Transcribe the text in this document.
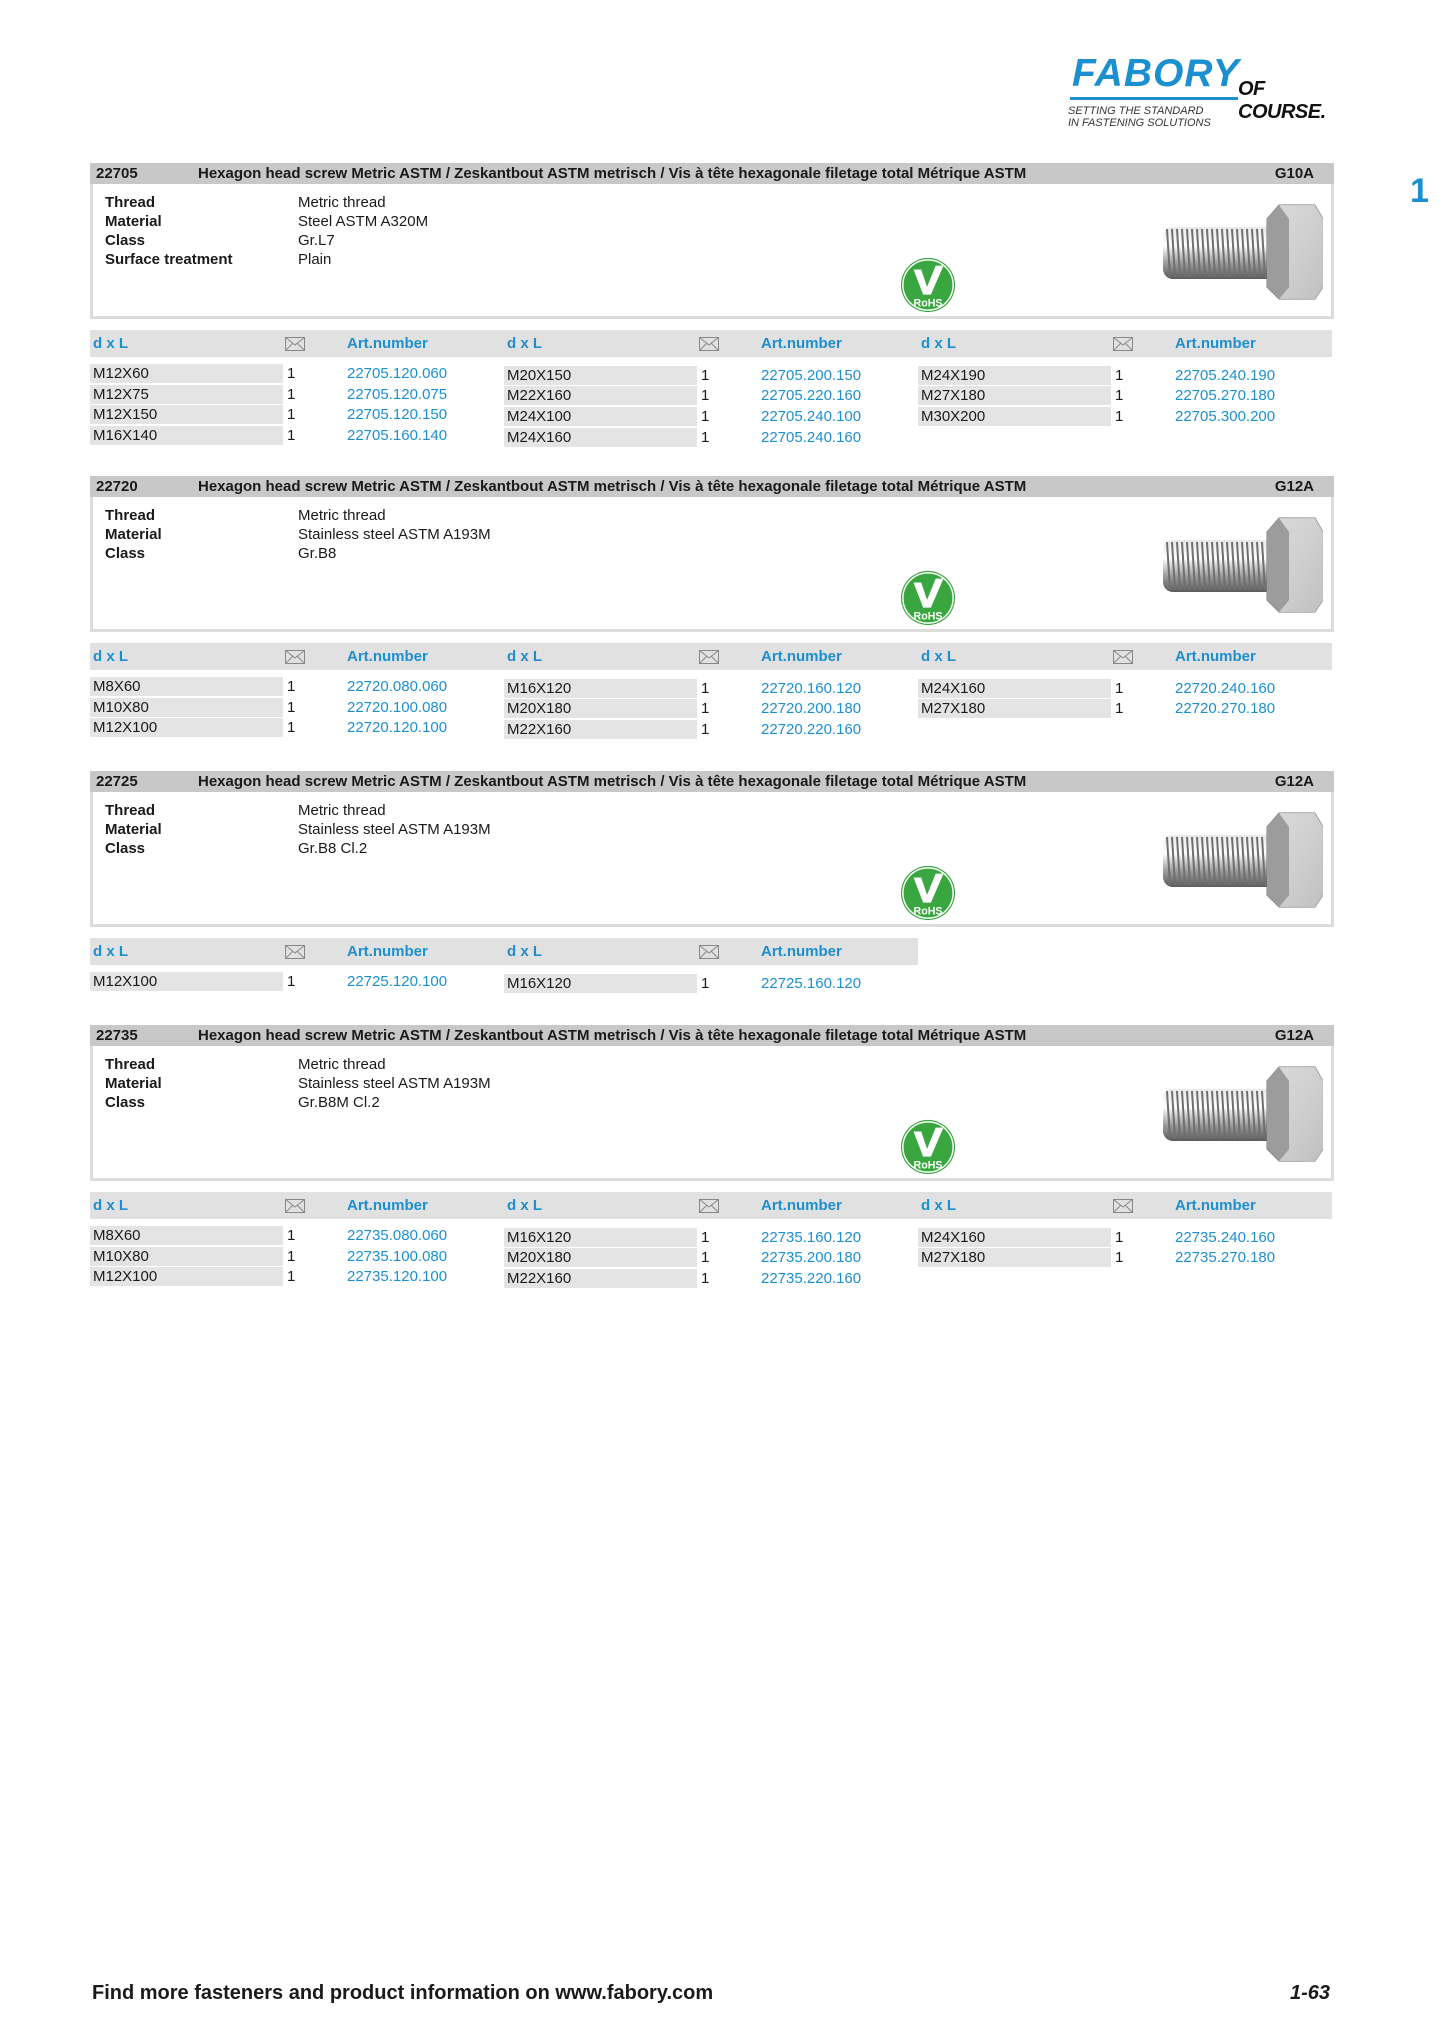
FABORY
OF COURSE.
SETTING THE STANDARD
IN FASTENING SOLUTIONS
1
22705	Hexagon head screw Metric ASTM / Zeskantbout ASTM metrisch / Vis à tête hexagonale filetage total Métrique ASTM	G10A
Thread	Metric thread
Material	Steel ASTM A320M
Class	Gr.L7
Surface treatment	Plain
RoHS
d x L	Art.number
M12X60	1	22705.120.060
M12X75	1	22705.120.075
M12X150	1	22705.120.150
M16X140	1	22705.160.140
d x L	Art.number
M20X150	1	22705.200.150
M22X160	1	22705.220.160
M24X100	1	22705.240.100
M24X160	1	22705.240.160
d x L	Art.number
M24X190	1	22705.240.190
M27X180	1	22705.270.180
M30X200	1	22705.300.200
22720	Hexagon head screw Metric ASTM / Zeskantbout ASTM metrisch / Vis à tête hexagonale filetage total Métrique ASTM	G12A
Thread	Metric thread
Material	Stainless steel ASTM A193M
Class	Gr.B8
RoHS
d x L	Art.number
M8X60	1	22720.080.060
M10X80	1	22720.100.080
M12X100	1	22720.120.100
d x L	Art.number
M16X120	1	22720.160.120
M20X180	1	22720.200.180
M22X160	1	22720.220.160
d x L	Art.number
M24X160	1	22720.240.160
M27X180	1	22720.270.180
22725	Hexagon head screw Metric ASTM / Zeskantbout ASTM metrisch / Vis à tête hexagonale filetage total Métrique ASTM	G12A
Thread	Metric thread
Material	Stainless steel ASTM A193M
Class	Gr.B8 Cl.2
RoHS
d x L	Art.number
M12X100	1	22725.120.100
d x L	Art.number
M16X120	1	22725.160.120
22735	Hexagon head screw Metric ASTM / Zeskantbout ASTM metrisch / Vis à tête hexagonale filetage total Métrique ASTM	G12A
Thread	Metric thread
Material	Stainless steel ASTM A193M
Class	Gr.B8M Cl.2
RoHS
d x L	Art.number
M8X60	1	22735.080.060
M10X80	1	22735.100.080
M12X100	1	22735.120.100
d x L	Art.number
M16X120	1	22735.160.120
M20X180	1	22735.200.180
M22X160	1	22735.220.160
d x L	Art.number
M24X160	1	22735.240.160
M27X180	1	22735.270.180
Find more fasteners and product information on www.fabory.com	1-63
